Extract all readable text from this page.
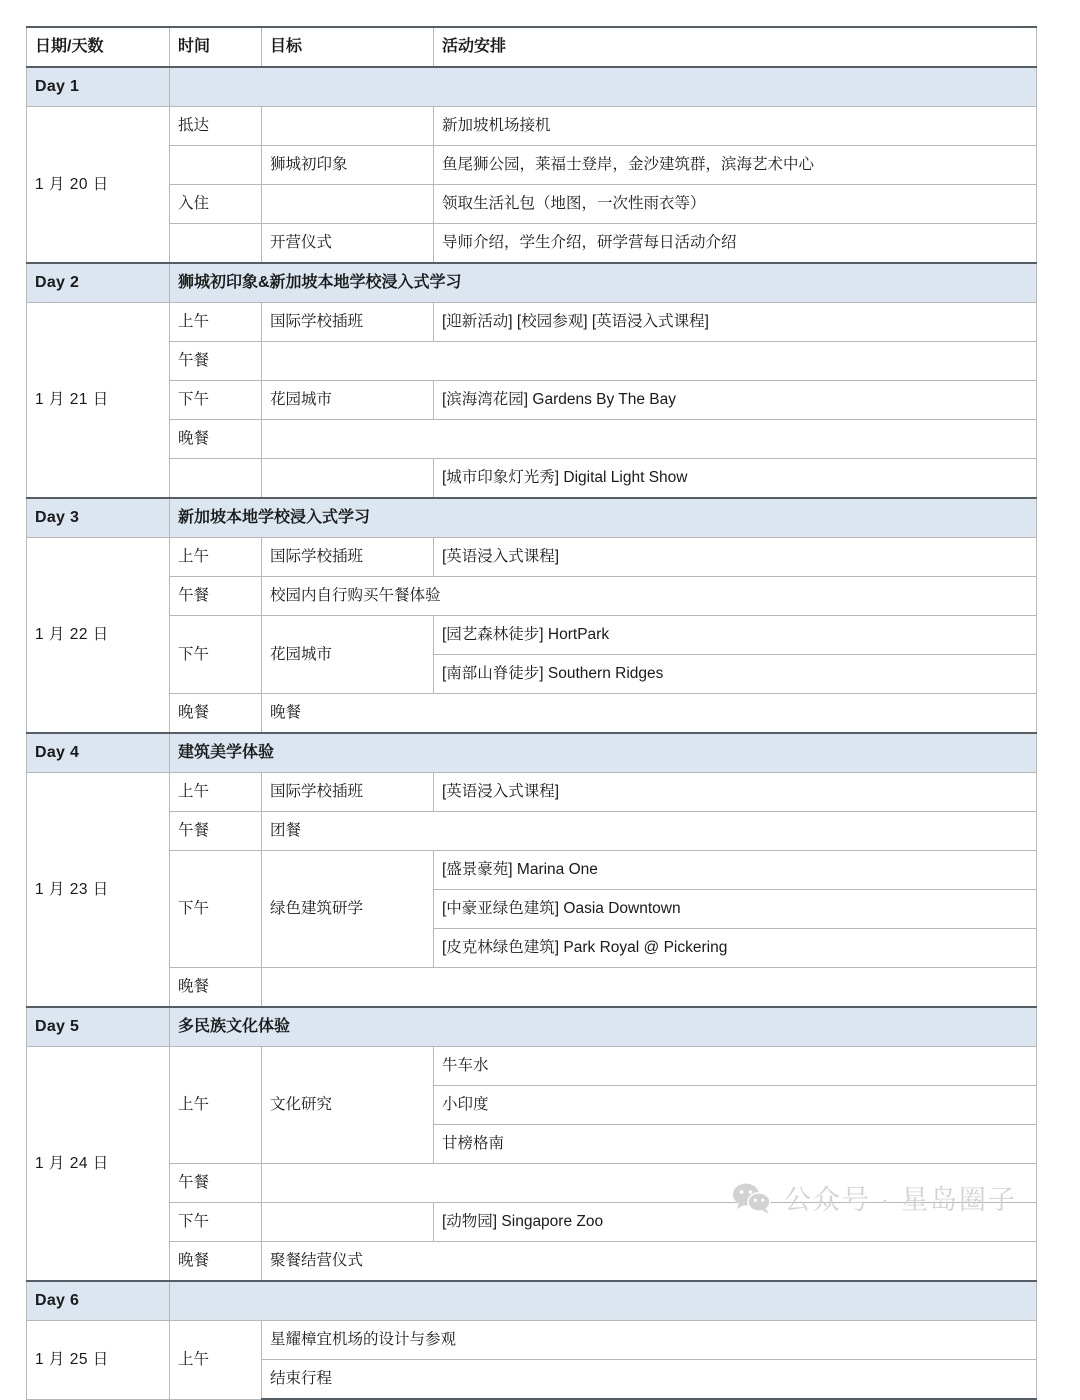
日期/天数	时间	目标	活动安排
Day 1			
1 月 20 日	抵达		新加坡机场接机
		狮城初印象	鱼尾狮公园，莱福士登岸，金沙建筑群，滨海艺术中心
	入住		领取生活礼包（地图，一次性雨衣等）
		开营仪式	导师介绍，学生介绍，研学营每日活动介绍
Day 2	狮城初印象&新加坡本地学校浸入式学习		
1 月 21 日	上午	国际学校插班	[迎新活动] [校园参观] [英语浸入式课程]
	午餐		
	下午	花园城市	[滨海湾花园] Gardens By The Bay
	晚餐		
			[城市印象灯光秀] Digital Light Show
Day 3	新加坡本地学校浸入式学习		
1 月 22 日	上午	国际学校插班	[英语浸入式课程]
	午餐	校园内自行购买午餐体验	
	下午	花园城市	[园艺森林徒步] HortPark
			[南部山脊徒步] Southern Ridges
	晚餐	晚餐	
Day 4	建筑美学体验		
1 月 23 日	上午	国际学校插班	[英语浸入式课程]
	午餐	团餐	
	下午	绿色建筑研学	[盛景豪苑] Marina One
			[中豪亚绿色建筑] Oasia Downtown
			[皮克林绿色建筑] Park Royal @ Pickering
	晚餐		
Day 5	多民族文化体验		
1 月 24 日	上午	文化研究	牛车水
			小印度
			甘榜格南
	午餐		
	下午		[动物园] Singapore Zoo
	晚餐	聚餐结营仪式	
Day 6			
1 月 25 日	上午	星耀樟宜机场的设计与参观	
		结束行程	
公众号 · 星岛圈子
